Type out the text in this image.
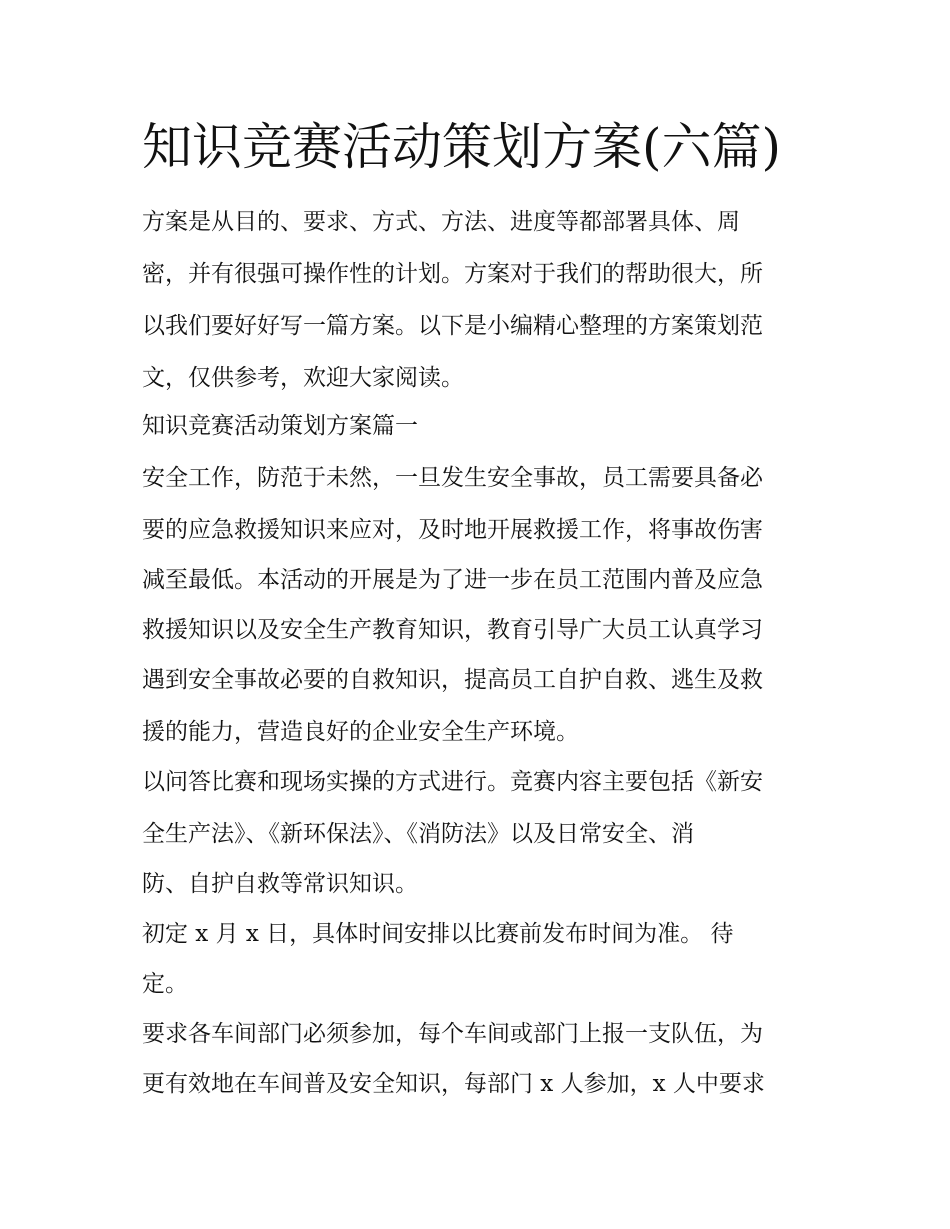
知识竞赛活动策划方案(六篇)

方案是从目的、要求、方式、方法、进度等都部署具体、周

密，并有很强可操作性的计划。方案对于我们的帮助很大，所

以我们要好好写一篇方案。以下是小编精心整理的方案策划范

文，仅供参考，欢迎大家阅读。

知识竞赛活动策划方案篇一

安全工作，防范于未然，一旦发生安全事故，员工需要具备必

要的应急救援知识来应对，及时地开展救援工作，将事故伤害

减至最低。本活动的开展是为了进一步在员工范围内普及应急

救援知识以及安全生产教育知识，教育引导广大员工认真学习

遇到安全事故必要的自救知识，提高员工自护自救、逃生及救

援的能力，营造良好的企业安全生产环境。

以问答比赛和现场实操的方式进行。竞赛内容主要包括《新安

全生产法》、《新环保法》、《消防法》以及日常安全、消

防、自护自救等常识知识。

初定 x 月 x 日，具体时间安排以比赛前发布时间为准。 待

定。

要求各车间部门必须参加，每个车间或部门上报一支队伍，为

更有效地在车间普及安全知识，每部门 x 人参加，x 人中要求
